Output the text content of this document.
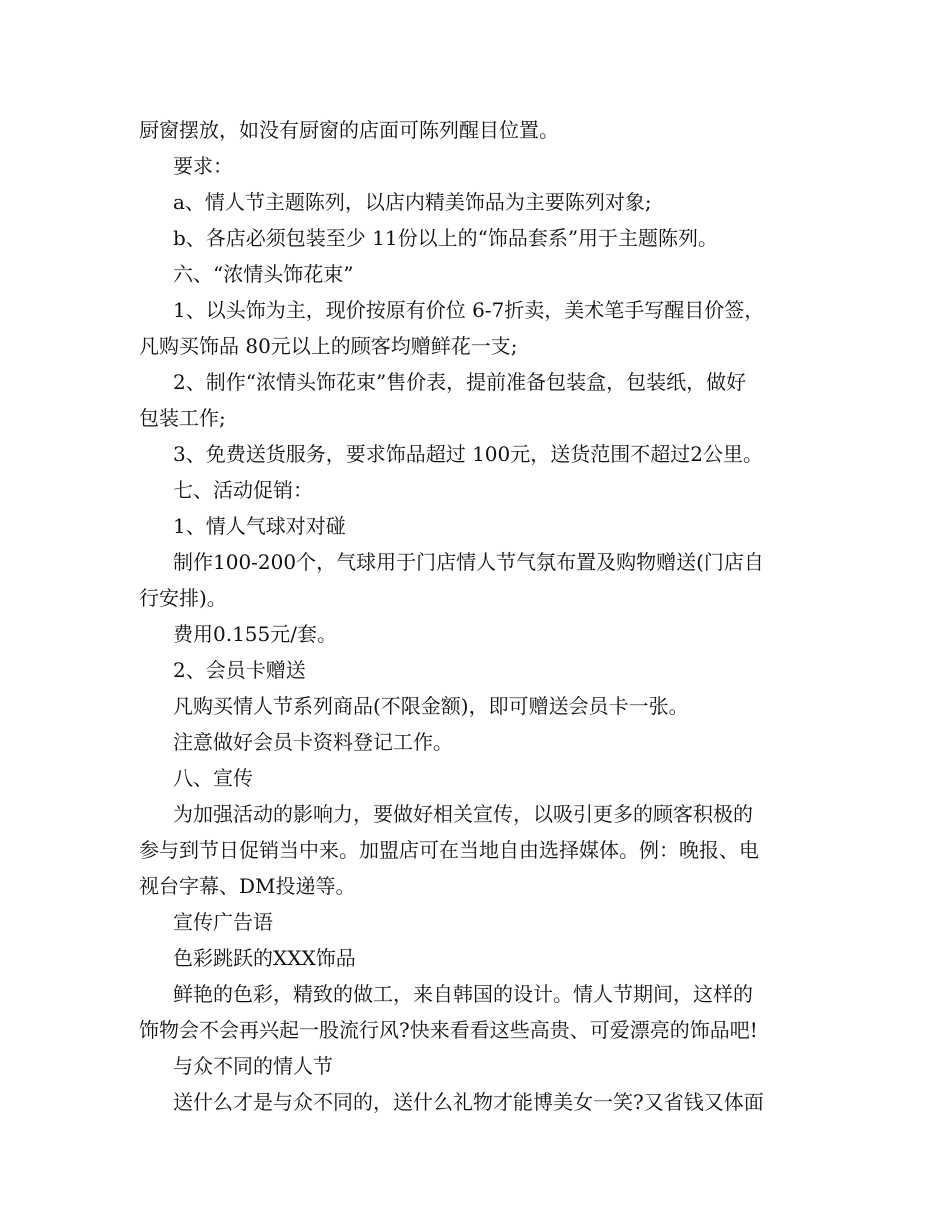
厨窗摆放，如没有厨窗的店面可陈列醒目位置。
要求：
a、情人节主题陈列，以店内精美饰品为主要陈列对象;
b、各店必须包装至少 11份以上的“饰品套系”用于主题陈列。
六、“浓情头饰花束”
1、以头饰为主，现价按原有价位 6-7折卖，美术笔手写醒目价签，
凡购买饰品 80元以上的顾客均赠鲜花一支;
2、制作“浓情头饰花束”售价表，提前准备包装盒，包装纸，做好
包装工作;
3、免费送货服务，要求饰品超过 100元，送货范围不超过2公里。
七、活动促销：
1、情人气球对对碰
制作100-200个，气球用于门店情人节气氛布置及购物赠送(门店自
行安排)。
费用0.155元/套。
2、会员卡赠送
凡购买情人节系列商品(不限金额)，即可赠送会员卡一张。
注意做好会员卡资料登记工作。
八、宣传
为加强活动的影响力，要做好相关宣传，以吸引更多的顾客积极的
参与到节日促销当中来。加盟店可在当地自由选择媒体。例：晚报、电
视台字幕、DM投递等。
宣传广告语
色彩跳跃的XXX饰品
鲜艳的色彩，精致的做工，来自韩国的设计。情人节期间，这样的
饰物会不会再兴起一股流行风?快来看看这些高贵、可爱漂亮的饰品吧!
与众不同的情人节
送什么才是与众不同的，送什么礼物才能博美女一笑?又省钱又体面
